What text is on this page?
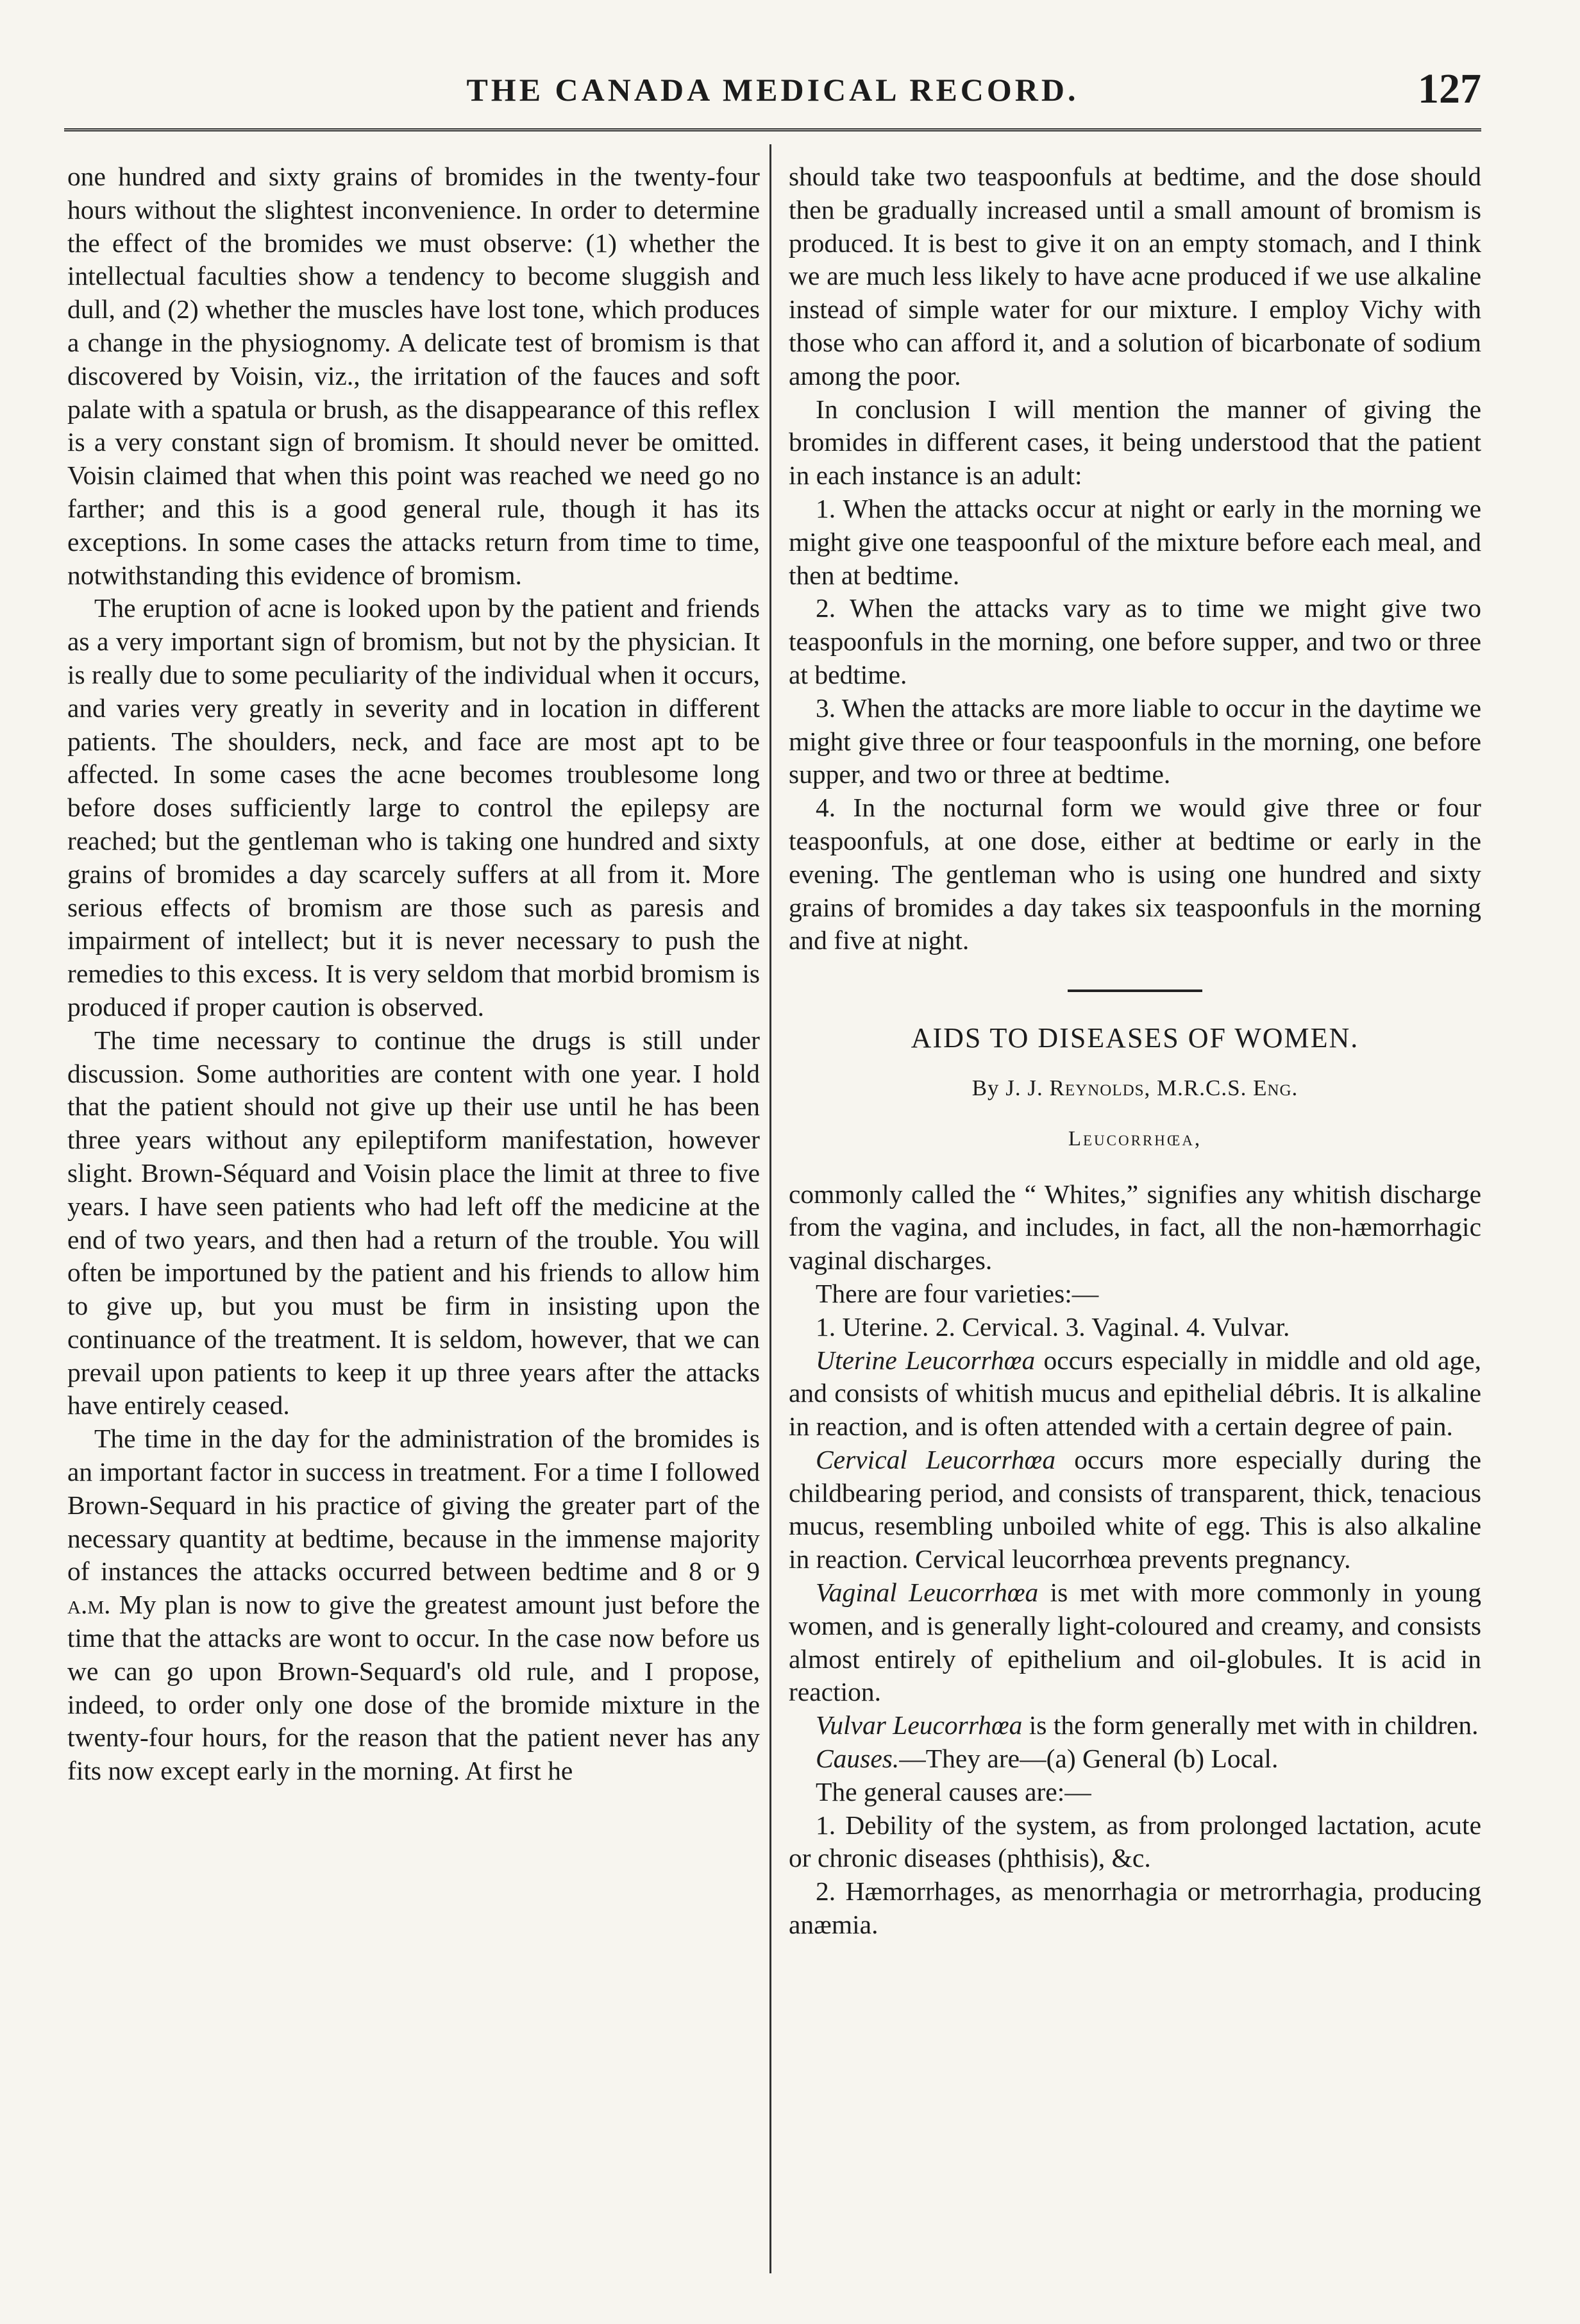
THE CANADA MEDICAL RECORD.	127

one hundred and sixty grains of bromides in the twenty-four hours without the slightest inconvenience. In order to determine the effect of the bromides we must observe: (1) whether the intellectual faculties show a tendency to become sluggish and dull, and (2) whether the muscles have lost tone, which produces a change in the physiognomy. A delicate test of bromism is that discovered by Voisin, viz., the irritation of the fauces and soft palate with a spatula or brush, as the disappearance of this reflex is a very constant sign of bromism. It should never be omitted. Voisin claimed that when this point was reached we need go no farther; and this is a good general rule, though it has its exceptions. In some cases the attacks return from time to time, notwithstanding this evidence of bromism.

The eruption of acne is looked upon by the patient and friends as a very important sign of bromism, but not by the physician. It is really due to some peculiarity of the individual when it occurs, and varies very greatly in severity and in location in different patients. The shoulders, neck, and face are most apt to be affected. In some cases the acne becomes troublesome long before doses sufficiently large to control the epilepsy are reached; but the gentleman who is taking one hundred and sixty grains of bromides a day scarcely suffers at all from it. More serious effects of bromism are those such as paresis and impairment of intellect; but it is never necessary to push the remedies to this excess. It is very seldom that morbid bromism is produced if proper caution is observed.

The time necessary to continue the drugs is still under discussion. Some authorities are content with one year. I hold that the patient should not give up their use until he has been three years without any epileptiform manifestation, however slight. Brown-Séquard and Voisin place the limit at three to five years. I have seen patients who had left off the medicine at the end of two years, and then had a return of the trouble. You will often be importuned by the patient and his friends to allow him to give up, but you must be firm in insisting upon the continuance of the treatment. It is seldom, however, that we can prevail upon patients to keep it up three years after the attacks have entirely ceased.

The time in the day for the administration of the bromides is an important factor in success in treatment. For a time I followed Brown-Sequard in his practice of giving the greater part of the necessary quantity at bedtime, because in the immense majority of instances the attacks occurred between bedtime and 8 or 9 a.m. My plan is now to give the greatest amount just before the time that the attacks are wont to occur. In the case now before us we can go upon Brown-Sequard's old rule, and I propose, indeed, to order only one dose of the bromide mixture in the twenty-four hours, for the reason that the patient never has any fits now except early in the morning. At first he

should take two teaspoonfuls at bedtime, and the dose should then be gradually increased until a small amount of bromism is produced. It is best to give it on an empty stomach, and I think we are much less likely to have acne produced if we use alkaline instead of simple water for our mixture. I employ Vichy with those who can afford it, and a solution of bicarbonate of sodium among the poor.

In conclusion I will mention the manner of giving the bromides in different cases, it being understood that the patient in each instance is an adult:

1. When the attacks occur at night or early in the morning we might give one teaspoonful of the mixture before each meal, and then at bedtime.

2. When the attacks vary as to time we might give two teaspoonfuls in the morning, one before supper, and two or three at bedtime.

3. When the attacks are more liable to occur in the daytime we might give three or four teaspoonfuls in the morning, one before supper, and two or three at bedtime.

4. In the nocturnal form we would give three or four teaspoonfuls, at one dose, either at bedtime or early in the evening. The gentleman who is using one hundred and sixty grains of bromides a day takes six teaspoonfuls in the morning and five at night.

AIDS TO DISEASES OF WOMEN.

By J. J. Reynolds, M.R.C.S. Eng.

Leucorrhœa,

commonly called the “ Whites,” signifies any whitish discharge from the vagina, and includes, in fact, all the non-hæmorrhagic vaginal discharges.

There are four varieties:—

1. Uterine. 2. Cervical. 3. Vaginal. 4. Vulvar.

Uterine Leucorrhœa occurs especially in middle and old age, and consists of whitish mucus and epithelial débris. It is alkaline in reaction, and is often attended with a certain degree of pain.

Cervical Leucorrhœa occurs more especially during the childbearing period, and consists of transparent, thick, tenacious mucus, resembling unboiled white of egg. This is also alkaline in reaction. Cervical leucorrhœa prevents pregnancy.

Vaginal Leucorrhœa is met with more commonly in young women, and is generally light-coloured and creamy, and consists almost entirely of epithelium and oil-globules. It is acid in reaction.

Vulvar Leucorrhœa is the form generally met with in children.

Causes.—They are—(a) General (b) Local.

The general causes are:—

1. Debility of the system, as from prolonged lactation, acute or chronic diseases (phthisis), &c.

2. Hæmorrhages, as menorrhagia or metrorrhagia, producing anæmia.
